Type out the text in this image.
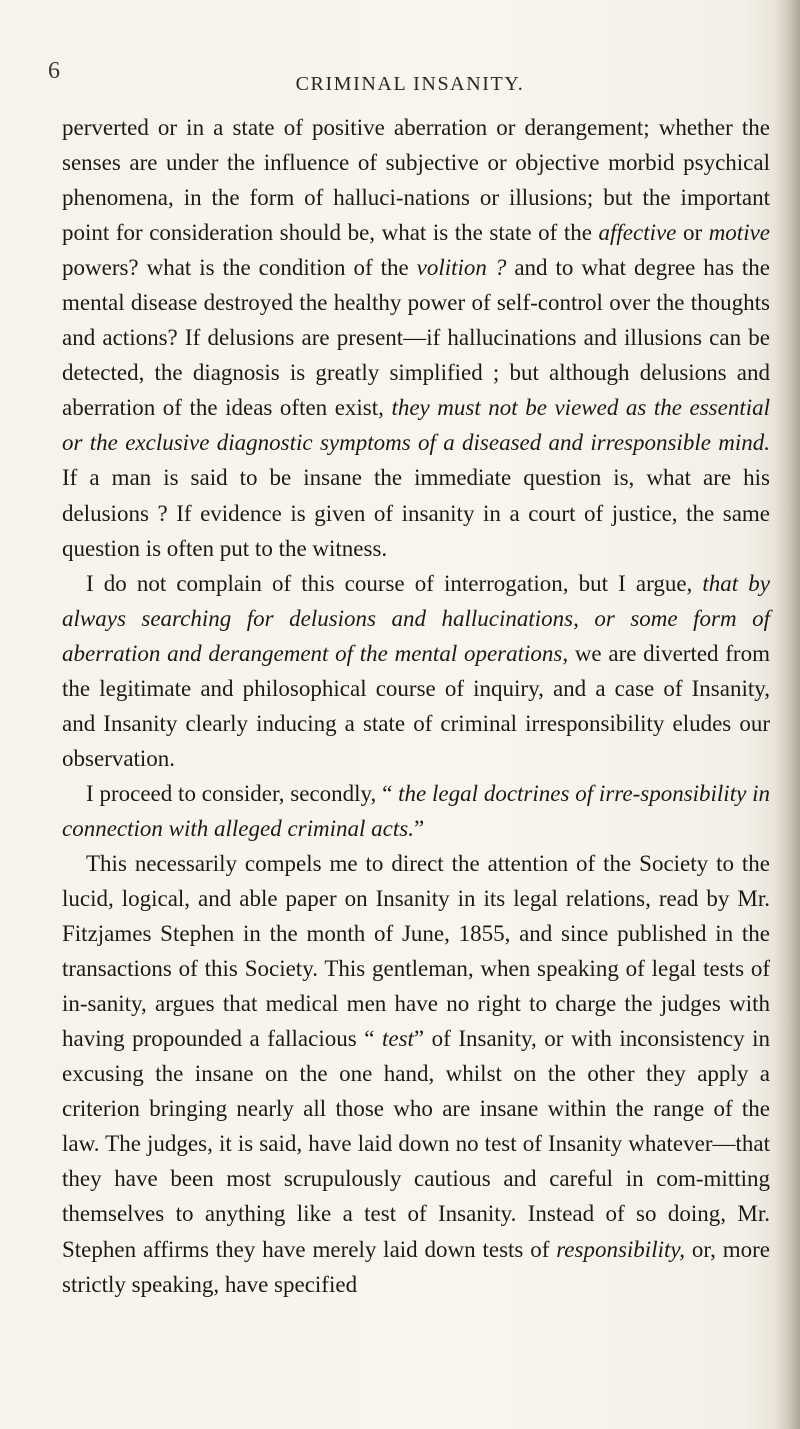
6	CRIMINAL INSANITY.

perverted or in a state of positive aberration or derangement; whether the senses are under the influence of subjective or objective morbid psychical phenomena, in the form of halluci-nations or illusions; but the important point for consideration should be, what is the state of the affective or motive powers? what is the condition of the volition ? and to what degree has the mental disease destroyed the healthy power of self-control over the thoughts and actions? If delusions are present—if hallucinations and illusions can be detected, the diagnosis is greatly simplified ; but although delusions and aberration of the ideas often exist, they must not be viewed as the essential or the exclusive diagnostic symptoms of a diseased and irresponsible mind. If a man is said to be insane the immediate question is, what are his delusions ? If evidence is given of insanity in a court of justice, the same question is often put to the witness.

I do not complain of this course of interrogation, but I argue, that by always searching for delusions and hallucinations, or some form of aberration and derangement of the mental operations, we are diverted from the legitimate and philosophical course of inquiry, and a case of Insanity, and Insanity clearly inducing a state of criminal irresponsibility eludes our observation.

I proceed to consider, secondly, “ the legal doctrines of irre-sponsibility in connection with alleged criminal acts.”

This necessarily compels me to direct the attention of the Society to the lucid, logical, and able paper on Insanity in its legal relations, read by Mr. Fitzjames Stephen in the month of June, 1855, and since published in the transactions of this Society. This gentleman, when speaking of legal tests of in-sanity, argues that medical men have no right to charge the judges with having propounded a fallacious “ test” of Insanity, or with inconsistency in excusing the insane on the one hand, whilst on the other they apply a criterion bringing nearly all those who are insane within the range of the law. The judges, it is said, have laid down no test of Insanity whatever—that they have been most scrupulously cautious and careful in com-mitting themselves to anything like a test of Insanity. Instead of so doing, Mr. Stephen affirms they have merely laid down tests of responsibility, or, more strictly speaking, have specified
